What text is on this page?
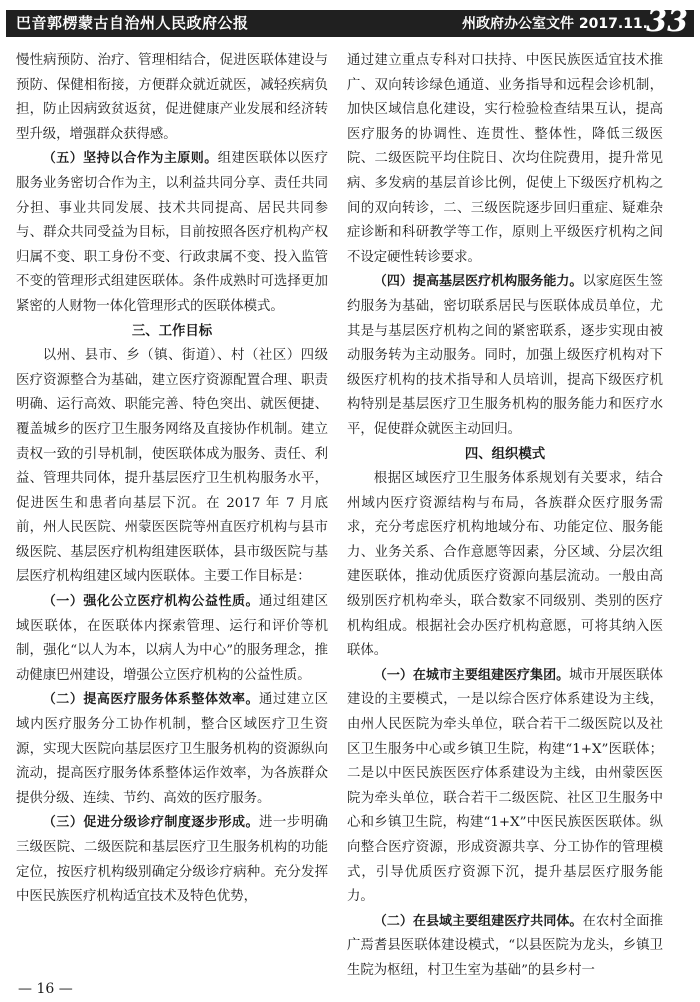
巴音郭楞蒙古自治州人民政府公报	州政府办公室文件 2017.11.
33

慢性病预防、治疗、管理相结合，促进医联体建设与预防、保健相衔接，方便群众就近就医，减轻疾病负担，防止因病致贫返贫，促进健康产业发展和经济转型升级，增强群众获得感。

（五）坚持以合作为主原则。组建医联体以医疗服务业务密切合作为主，以利益共同分享、责任共同分担、事业共同发展、技术共同提高、居民共同参与、群众共同受益为目标，目前按照各医疗机构产权归属不变、职工身份不变、行政隶属不变、投入监管不变的管理形式组建医联体。条件成熟时可选择更加紧密的人财物一体化管理形式的医联体模式。

三、工作目标

以州、县市、乡（镇、街道）、村（社区）四级医疗资源整合为基础，建立医疗资源配置合理、职责明确、运行高效、职能完善、特色突出、就医便捷、覆盖城乡的医疗卫生服务网络及直接协作机制。建立责权一致的引导机制，使医联体成为服务、责任、利益、管理共同体，提升基层医疗卫生机构服务水平，促进医生和患者向基层下沉。在 2017 年 7 月底前，州人民医院、州蒙医医院等州直医疗机构与县市级医院、基层医疗机构组建医联体，县市级医院与基层医疗机构组建区域内医联体。主要工作目标是：

（一）强化公立医疗机构公益性质。通过组建区域医联体，在医联体内探索管理、运行和评价等机制，强化“以人为本，以病人为中心”的服务理念，推动健康巴州建设，增强公立医疗机构的公益性质。

（二）提高医疗服务体系整体效率。通过建立区域内医疗服务分工协作机制，整合区域医疗卫生资源，实现大医院向基层医疗卫生服务机构的资源纵向流动，提高医疗服务体系整体运作效率，为各族群众提供分级、连续、节约、高效的医疗服务。

（三）促进分级诊疗制度逐步形成。进一步明确三级医院、二级医院和基层医疗卫生服务机构的功能定位，按医疗机构级别确定分级诊疗病种。充分发挥中医民族医疗机构适宜技术及特色优势，

通过建立重点专科对口扶持、中医民族医适宜技术推广、双向转诊绿色通道、业务指导和远程会诊机制，加快区域信息化建设，实行检验检查结果互认，提高医疗服务的协调性、连贯性、整体性，降低三级医院、二级医院平均住院日、次均住院费用，提升常见病、多发病的基层首诊比例，促使上下级医疗机构之间的双向转诊，二、三级医院逐步回归重症、疑难杂症诊断和科研教学等工作，原则上平级医疗机构之间不设定硬性转诊要求。

（四）提高基层医疗机构服务能力。以家庭医生签约服务为基础，密切联系居民与医联体成员单位，尤其是与基层医疗机构之间的紧密联系，逐步实现由被动服务转为主动服务。同时，加强上级医疗机构对下级医疗机构的技术指导和人员培训，提高下级医疗机构特别是基层医疗卫生服务机构的服务能力和医疗水平，促使群众就医主动回归。

四、组织模式

根据区域医疗卫生服务体系规划有关要求，结合州域内医疗资源结构与布局，各族群众医疗服务需求，充分考虑医疗机构地域分布、功能定位、服务能力、业务关系、合作意愿等因素，分区域、分层次组建医联体，推动优质医疗资源向基层流动。一般由高级别医疗机构牵头，联合数家不同级别、类别的医疗机构组成。根据社会办医疗机构意愿，可将其纳入医联体。

（一）在城市主要组建医疗集团。城市开展医联体建设的主要模式，一是以综合医疗体系建设为主线，由州人民医院为牵头单位，联合若干二级医院以及社区卫生服务中心或乡镇卫生院，构建“1+X”医联体；二是以中医民族医医疗体系建设为主线，由州蒙医医院为牵头单位，联合若干二级医院、社区卫生服务中心和乡镇卫生院，构建“1+X”中医民族医医联体。纵向整合医疗资源，形成资源共享、分工协作的管理模式，引导优质医疗资源下沉，提升基层医疗服务能力。

（二）在县域主要组建医疗共同体。在农村全面推广焉耆县医联体建设模式，“以县医院为龙头，乡镇卫生院为枢纽，村卫生室为基础”的县乡村一

— 16 —
